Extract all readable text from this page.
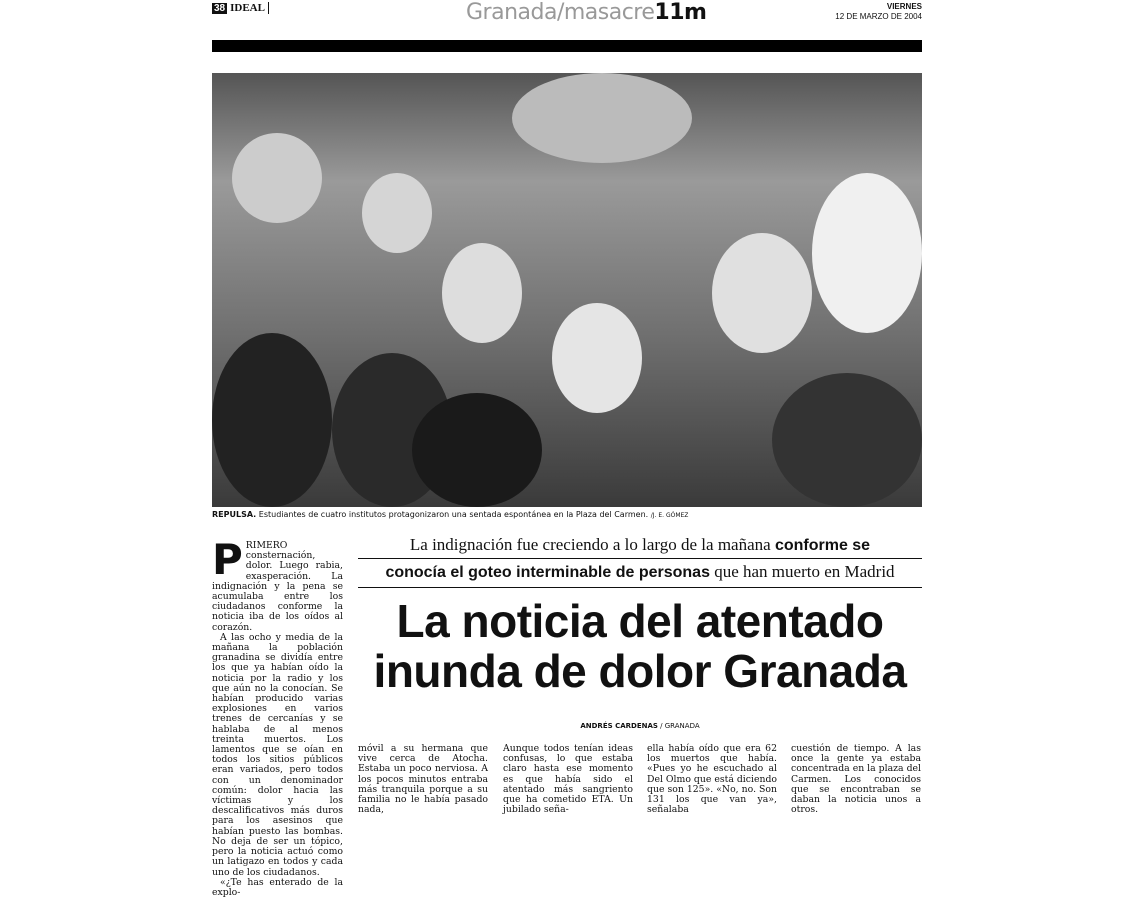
38 IDEAL	Granada/masacre11m	VIERNES
12 DE MARZO DE 2004
REPULSA. Estudiantes de cuatro institutos protagonizaron una sentada espontánea en la Plaza del Carmen. /J. E. GÓMEZ

PRIMERO consternación, dolor. Luego rabia, exasperación. La indignación y la pena se acumulaba entre los ciudadanos conforme la noticia iba de los oídos al corazón.

A las ocho y media de la mañana la población granadina se dividía entre los que ya habían oído la noticia por la radio y los que aún no la conocían. Se habían producido varias explosiones en varios trenes de cercanías y se hablaba de al menos treinta muertos. Los lamentos que se oían en todos los sitios públicos eran variados, pero todos con un denominador común: dolor hacia las víctimas y los descalificativos más duros para los asesinos que habían puesto las bombas. No deja de ser un tópico, pero la noticia actuó como un latigazo en todos y cada uno de los ciudadanos.

«¿Te has enterado de la explo-

La indignación fue creciendo a lo largo de la mañana conforme se
conocía el goteo interminable de personas que han muerto en Madrid
La noticia del atentado
inunda de dolor Granada
ANDRÉS CARDENAS / GRANADA
móvil a su hermana que vive cerca de Atocha. Estaba un poco nerviosa. A los pocos minutos entraba más tranquila porque a su familia no le había pasado nada,
Aunque todos tenían ideas confusas, lo que estaba claro hasta ese momento es que había sido el atentado más sangriento que ha cometido ETA. Un jubilado seña-
ella había oído que era 62 los muertos que había. «Pues yo he escuchado al Del Olmo que está diciendo que son 125». «No, no. Son 131 los que van ya», señalaba
cuestión de tiempo. A las once la gente ya estaba concentrada en la plaza del Carmen. Los conocidos que se encontraban se daban la noticia unos a otros.
